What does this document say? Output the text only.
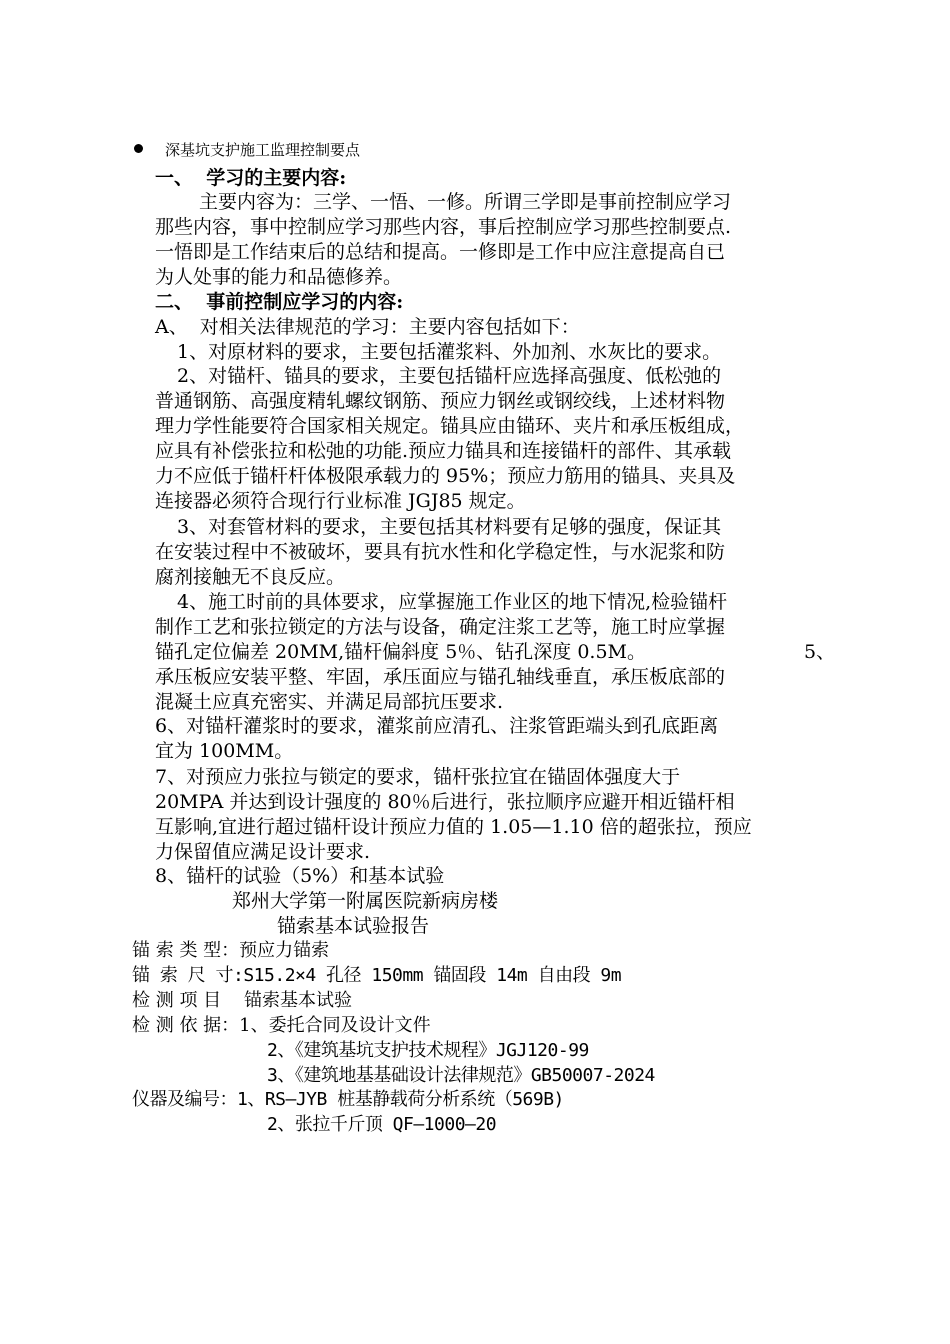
深基坑支护施工监理控制要点
一、  学习的主要内容:
主要内容为：三学、一悟、一修。所谓三学即是事前控制应学习
那些内容，事中控制应学习那些内容，事后控制应学习那些控制要点.
一悟即是工作结束后的总结和提高。一修即是工作中应注意提高自已
为人处事的能力和品德修养。
二、  事前控制应学习的内容:
A、  对相关法律规范的学习：主要内容包括如下：
1、对原材料的要求，主要包括灌浆料、外加剂、水灰比的要求。
2、对锚杆、锚具的要求，主要包括锚杆应选择高强度、低松弛的
普通钢筋、高强度精轧螺纹钢筋、预应力钢丝或钢绞线，上述材料物
理力学性能要符合国家相关规定。锚具应由锚环、夹片和承压板组成，
应具有补偿张拉和松弛的功能.预应力锚具和连接锚杆的部件、其承载
力不应低于锚杆杆体极限承载力的 95%；预应力筋用的锚具、夹具及
连接器必须符合现行行业标准 JGJ85 规定。
3、对套管材料的要求，主要包括其材料要有足够的强度，保证其
在安装过程中不被破坏，要具有抗水性和化学稳定性，与水泥浆和防
腐剂接触无不良反应。
4、施工时前的具体要求，应掌握施工作业区的地下情况,检验锚杆
制作工艺和张拉锁定的方法与设备，确定注浆工艺等，施工时应掌握
锚孔定位偏差 20MM,锚杆偏斜度 5％、钻孔深度 0.5M。	5、
承压板应安装平整、牢固，承压面应与锚孔轴线垂直，承压板底部的
混凝土应真充密实、并满足局部抗压要求.
6、对锚杆灌浆时的要求，灌浆前应清孔、注浆管距端头到孔底距离
宜为 100MM。
7、对预应力张拉与锁定的要求，锚杆张拉宜在锚固体强度大于
20MPA 并达到设计强度的 80％后进行，张拉顺序应避开相近锚杆相
互影响,宜进行超过锚杆设计预应力值的 1.05—1.10 倍的超张拉，预应
力保留值应满足设计要求.
8、锚杆的试验（5%）和基本试验
郑州大学第一附属医院新病房楼
锚索基本试验报告
锚 索 类 型：预应力锚索
锚 索 尺 寸:S15.2×4 孔径 150mm 锚固段 14m 自由段 9m
检 测 项 目    锚索基本试验
检 测 依 据：1、委托合同及设计文件
2、《建筑基坑支护技术规程》JGJ120-99
3、《建筑地基基础设计法律规范》GB50007-2024
仪器及编号：1、RS—JYB 桩基静载荷分析系统（569B)
2、张拉千斤顶 QF—1000—20
